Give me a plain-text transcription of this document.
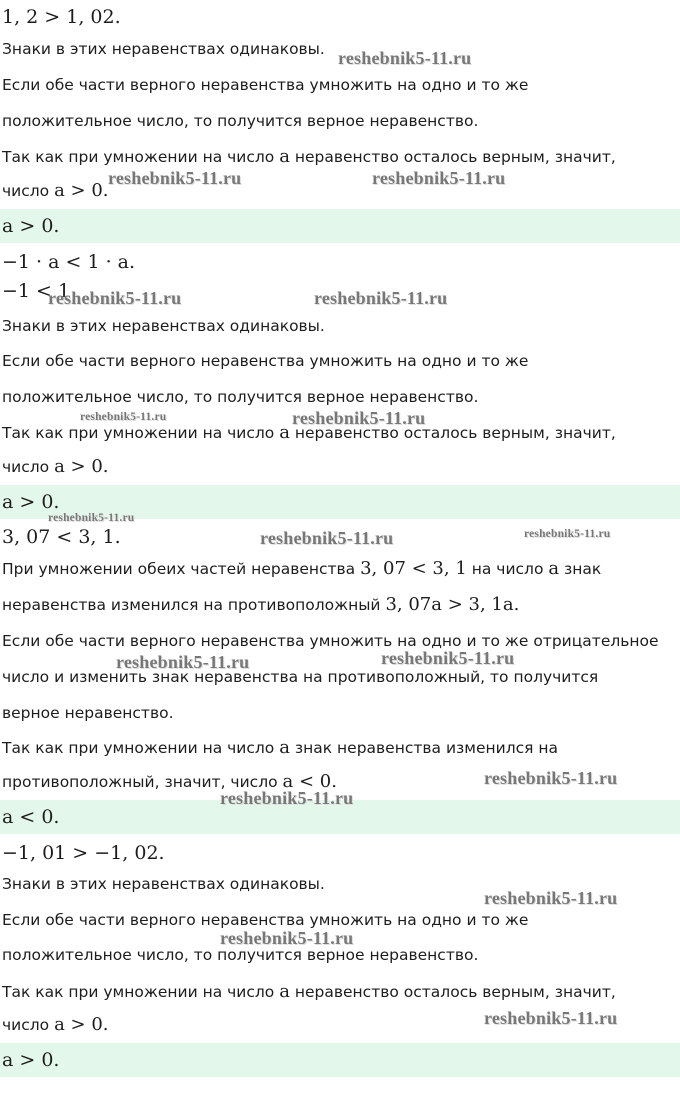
1, 2 > 1, 02.
Знаки в этих неравенствах одинаковы.
Если обе части верного неравенства умножить на одно и то же
положительное число, то получится верное неравенство.
Так как при умножении на число a неравенство осталось верным, значит,
число a > 0.
a > 0.
−1 · a < 1 · a.
−1 < 1
Знаки в этих неравенствах одинаковы.
Если обе части верного неравенства умножить на одно и то же
положительное число, то получится верное неравенство.
Так как при умножении на число a неравенство осталось верным, значит,
число a > 0.
a > 0.
3, 07 < 3, 1.
При умножении обеих частей неравенства 3, 07 < 3, 1 на число a знак
неравенства изменился на противоположный 3, 07a > 3, 1a.
Если обе части верного неравенства умножить на одно и то же отрицательное
число и изменить знак неравенства на противоположный, то получится
верное неравенство.
Так как при умножении на число a знак неравенства изменился на
противоположный, значит, число a < 0.
a < 0.
−1, 01 > −1, 02.
Знаки в этих неравенствах одинаковы.
Если обе части верного неравенства умножить на одно и то же
положительное число, то получится верное неравенство.
Так как при умножении на число a неравенство осталось верным, значит,
число a > 0.
a > 0.
reshebnik5-11.ru
reshebnik5-11.ru	reshebnik5-11.ru
reshebnik5-11.ru	reshebnik5-11.ru
reshebnik5-11.ru	reshebnik5-11.ru
reshebnik5-11.ru
reshebnik5-11.ru	reshebnik5-11.ru
reshebnik5-11.ru	reshebnik5-11.ru
reshebnik5-11.ru
reshebnik5-11.ru
reshebnik5-11.ru
reshebnik5-11.ru
reshebnik5-11.ru
